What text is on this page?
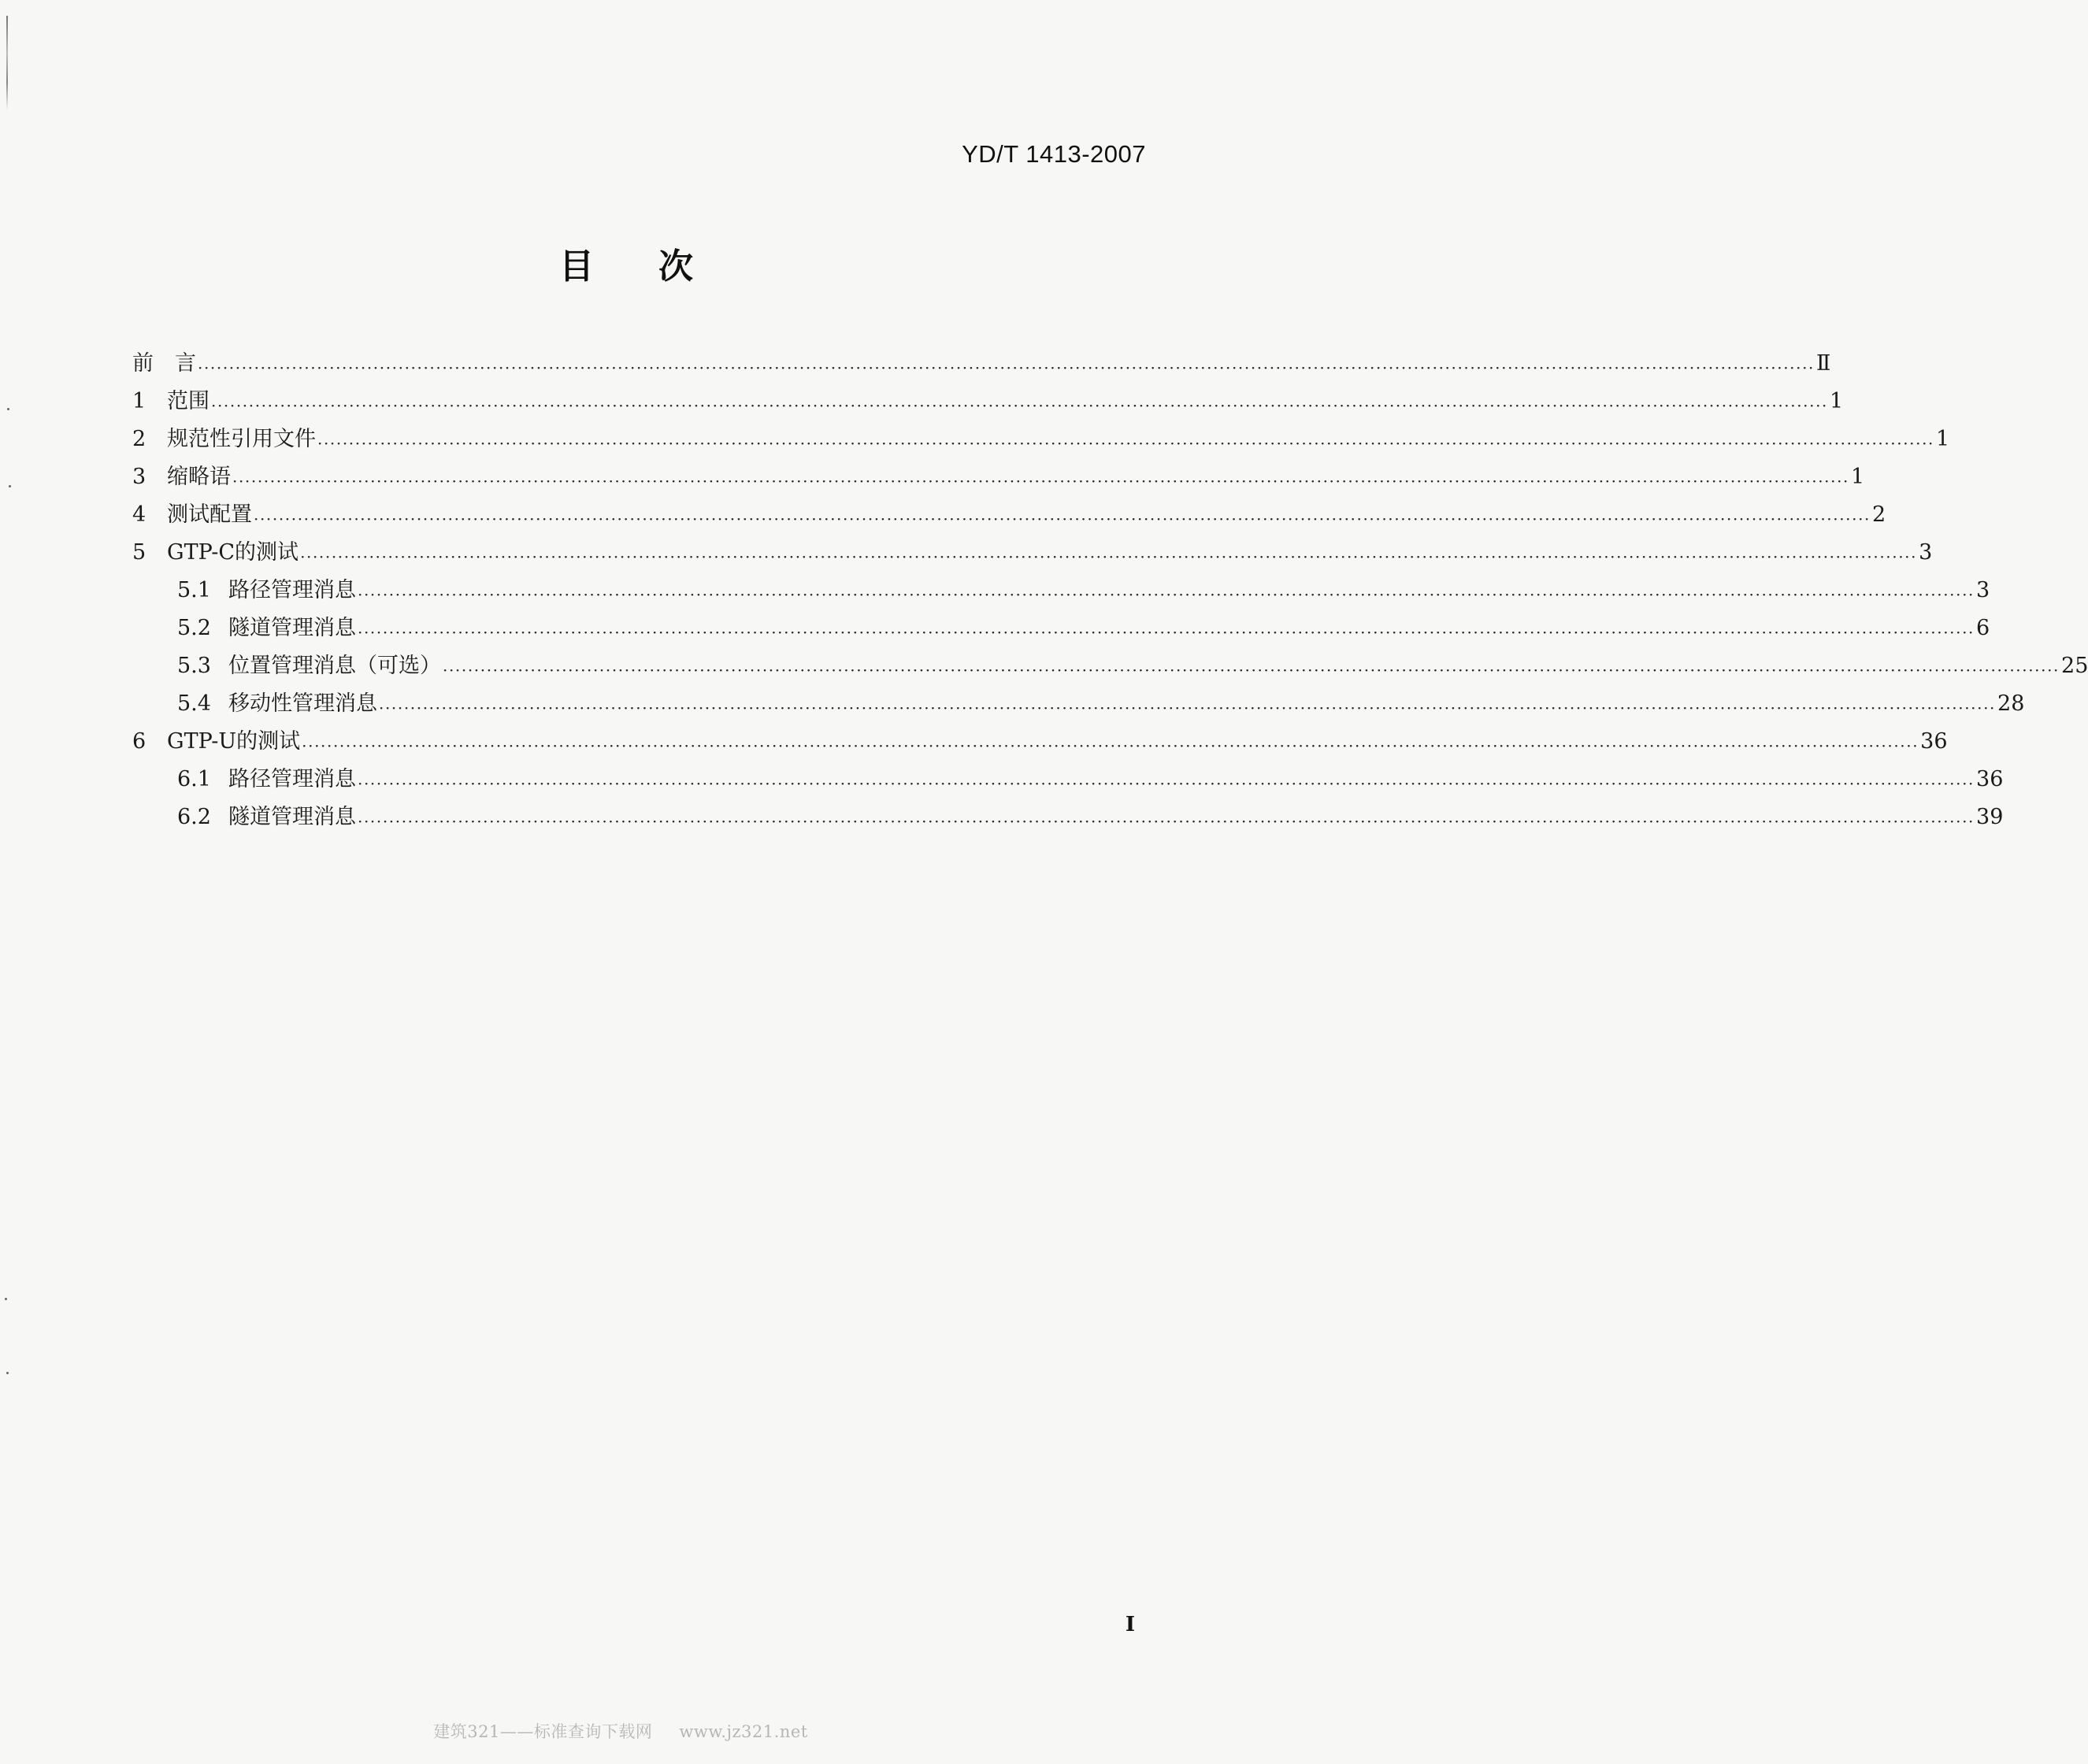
YD/T 1413-2007
目次
前　言 ·····	Ⅱ
1 范围 ·····	1
2 规范性引用文件 ·····	1
3 缩略语 ·····	1
4 测试配置 ·····	2
5 GTP-C的测试 ·····	3
5.1 路径管理消息 ·····	3
5.2 隧道管理消息 ·····	6
5.3 位置管理消息（可选） ·····	25
5.4 移动性管理消息 ·····	28
6 GTP-U的测试 ·····	36
6.1 路径管理消息 ·····	36
6.2 隧道管理消息 ·····	39
I
建筑321——标准查询下载网 www.jz321.net
